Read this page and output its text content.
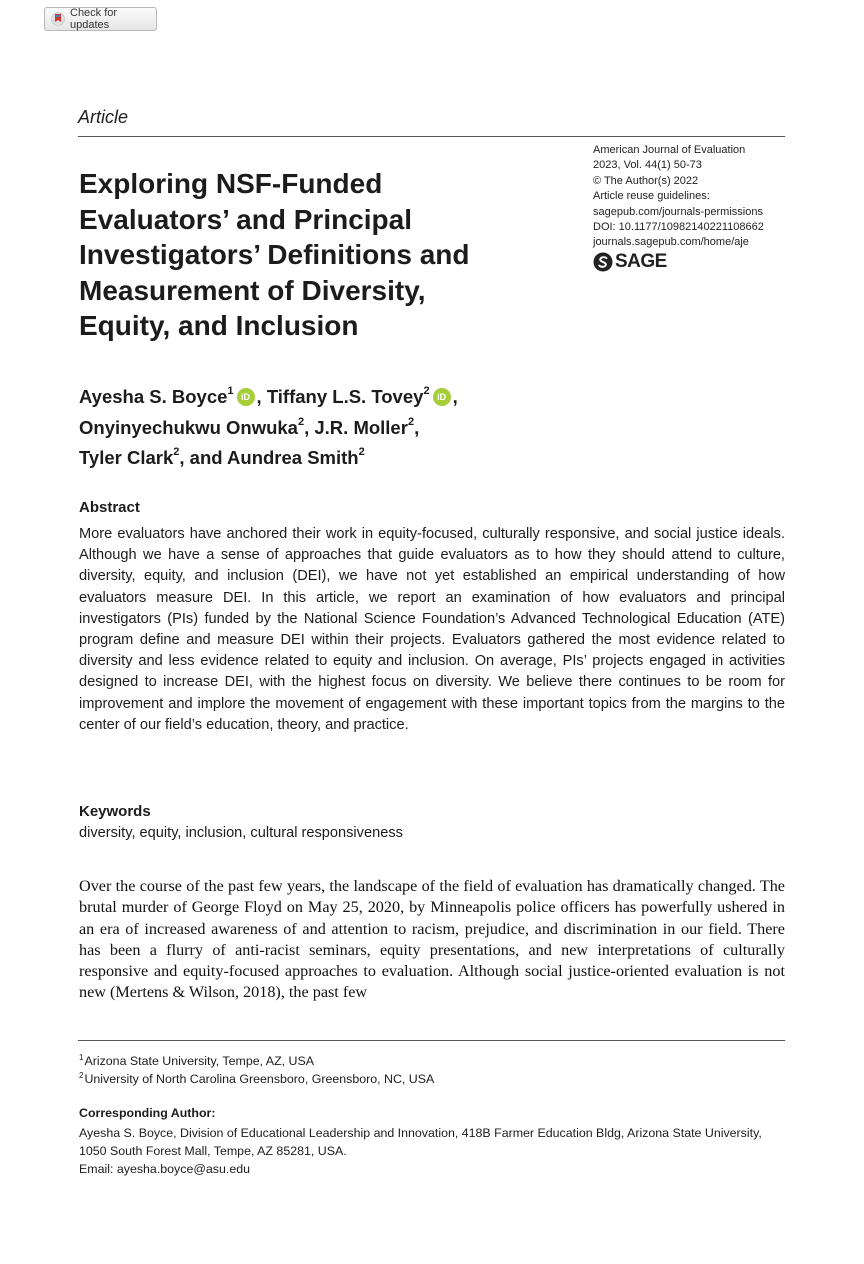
Check for updates
Article
Exploring NSF-Funded
Evaluators’ and Principal
Investigators’ Definitions and
Measurement of Diversity,
Equity, and Inclusion
American Journal of Evaluation
2023, Vol. 44(1) 50-73
© The Author(s) 2022
Article reuse guidelines:
sagepub.com/journals-permissions
DOI: 10.1177/10982140221108662
journals.sagepub.com/home/aje
SAGE
Ayesha S. Boyce$^1$ iD , Tiffany L.S. Tovey$^2$ iD ,
Onyinyechukwu Onwuka$^2$, J.R. Moller$^2$,
Tyler Clark$^2$, and Aundrea Smith$^2$
Abstract

More evaluators have anchored their work in equity-focused, culturally responsive, and social justice ideals. Although we have a sense of approaches that guide evaluators as to how they should attend to culture, diversity, equity, and inclusion (DEI), we have not yet established an empirical understanding of how evaluators measure DEI. In this article, we report an examination of how evaluators and principal investigators (PIs) funded by the National Science Foundation’s Advanced Technological Education (ATE) program define and measure DEI within their projects. Evaluators gathered the most evidence related to diversity and less evidence related to equity and inclusion. On average, PIs’ projects engaged in activities designed to increase DEI, with the highest focus on diversity. We believe there continues to be room for improvement and implore the movement of engagement with these important topics from the margins to the center of our field’s education, theory, and practice.

Keywords
diversity, equity, inclusion, cultural responsiveness

Over the course of the past few years, the landscape of the field of evaluation has dramatically changed. The brutal murder of George Floyd on May 25, 2020, by Minneapolis police officers has powerfully ushered in an era of increased awareness of and attention to racism, prejudice, and discrimination in our field. There has been a flurry of anti-racist seminars, equity presentations, and new interpretations of culturally responsive and equity-focused approaches to evaluation. Although social justice-oriented evaluation is not new (Mertens & Wilson, 2018), the past few

$^1$Arizona State University, Tempe, AZ, USA
$^2$University of North Carolina Greensboro, Greensboro, NC, USA
Corresponding Author:
Ayesha S. Boyce, Division of Educational Leadership and Innovation, 418B Farmer Education Bldg, Arizona State University, 1050 South Forest Mall, Tempe, AZ 85281, USA.
Email: ayesha.boyce@asu.edu
